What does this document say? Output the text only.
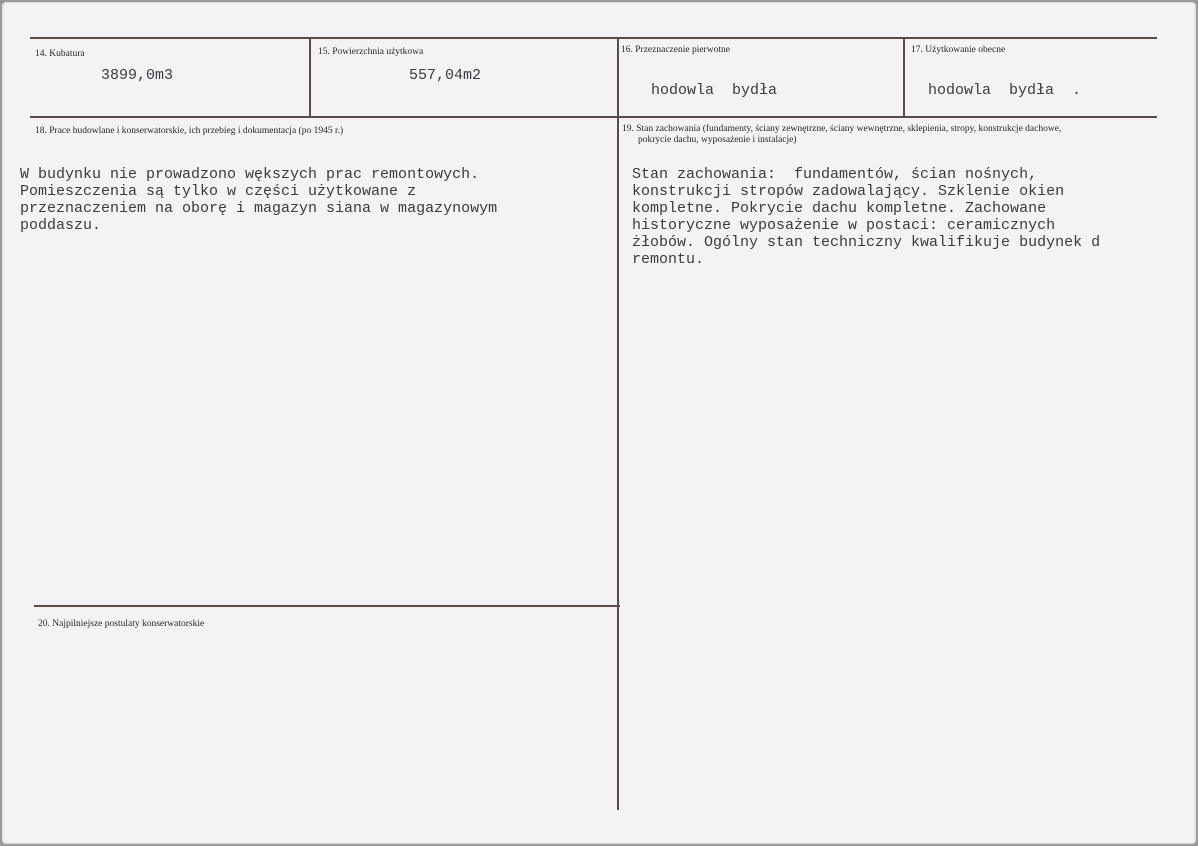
14. Kubatura
3899,0m3
15. Powierzchnia użytkowa
557,04m2
16. Przeznaczenie pierwotne
hodowla  bydła
17. Użytkowanie obecne
hodowla  bydła  .
18. Prace budowlane i konserwatorskie, ich przebieg i dokumentacja (po 1945 r.)
W budynku nie prowadzono wększych prac remontowych.
Pomieszczenia są tylko w części użytkowane z
przeznaczeniem na oborę i magazyn siana w magazynowym
poddaszu.
19. Stan zachowania (fundamenty, ściany zewnętrzne, ściany wewnętrzne, sklepienia, stropy, konstrukcje dachowe,
pokrycie dachu, wyposażenie i instalacje)
Stan zachowania:  fundamentów, ścian nośnych,
konstrukcji stropów zadowalający. Szklenie okien
kompletne. Pokrycie dachu kompletne. Zachowane
historyczne wyposażenie w postaci: ceramicznych
żłobów. Ogólny stan techniczny kwalifikuje budynek d
remontu.
20. Najpilniejsze postulaty konserwatorskie
